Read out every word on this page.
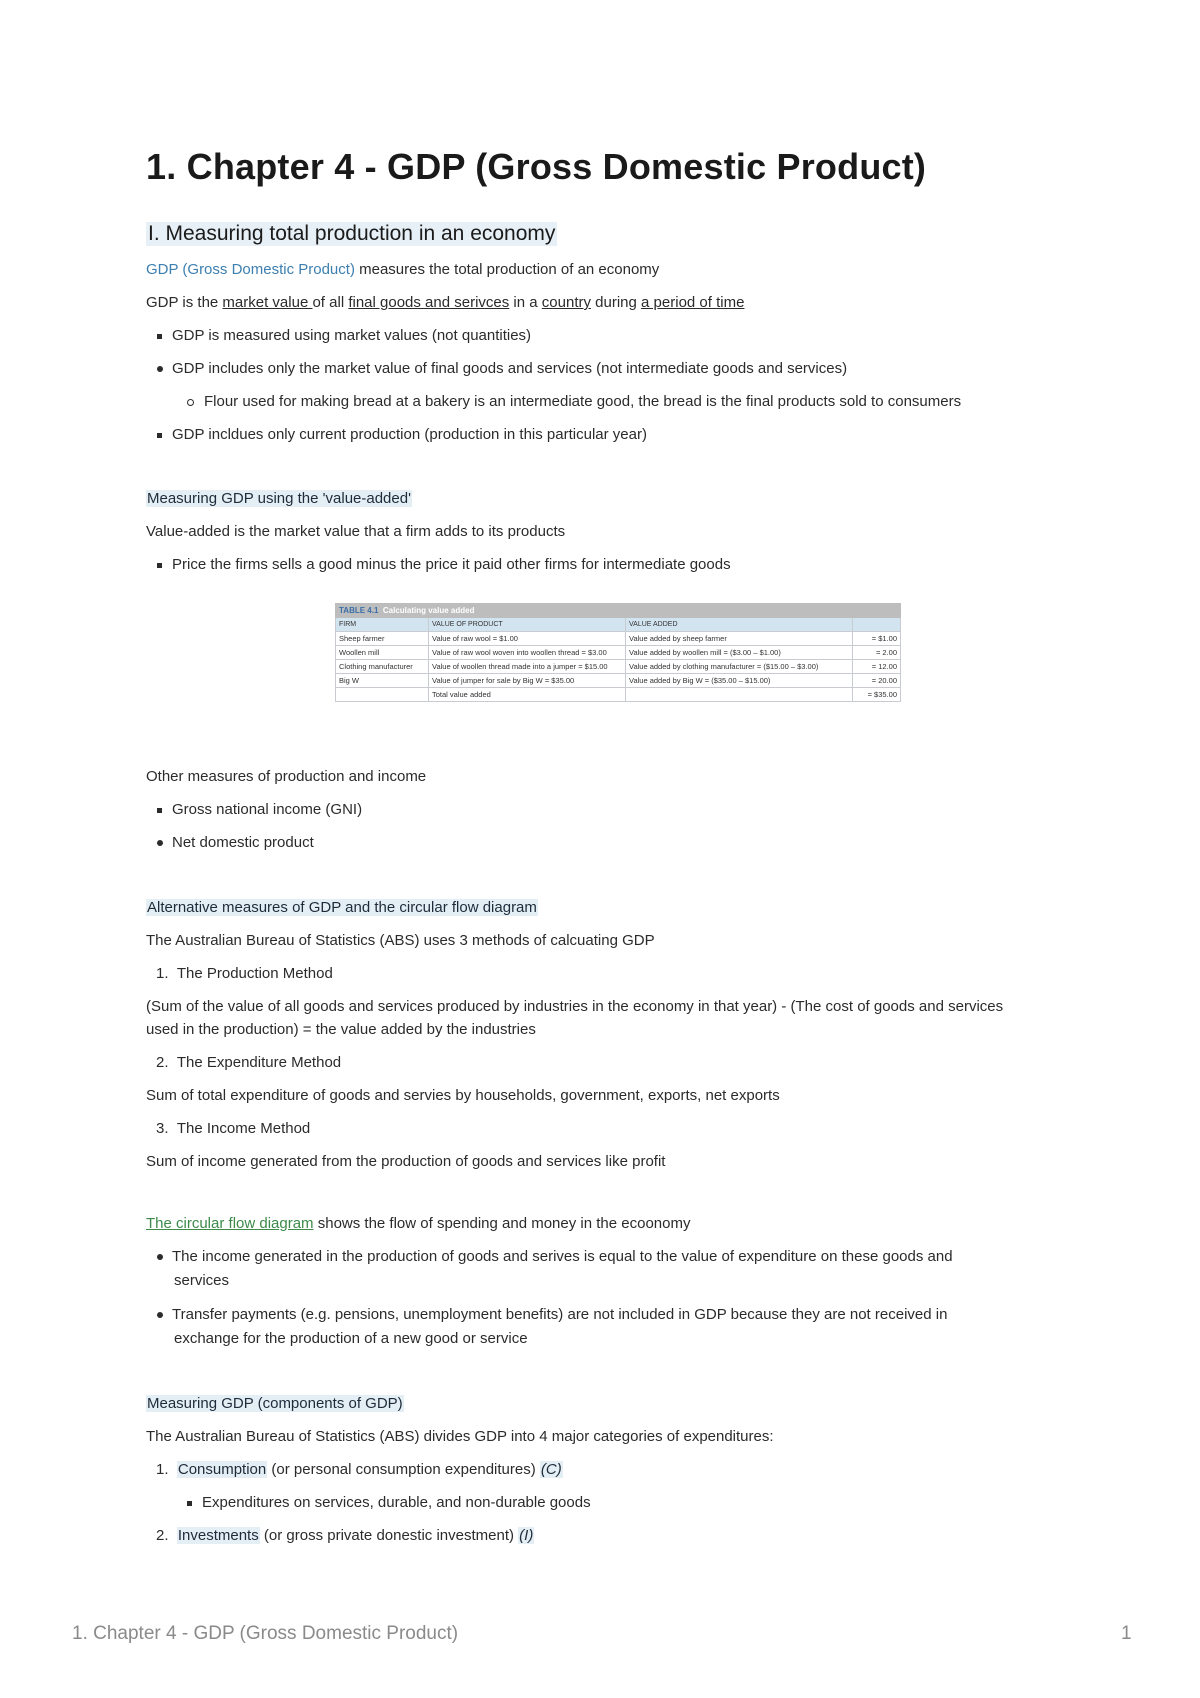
1. Chapter 4 - GDP (Gross Domestic Product)
I. Measuring total production in an economy
GDP (Gross Domestic Product) measures the total production of an economy
GDP is the market value of all final goods and serivces in a country during a period of time
GDP is measured using market values (not quantities)
GDP includes only the market value of final goods and services (not intermediate goods and services)
Flour used for making bread at a bakery is an intermediate good, the bread is the final products sold to consumers
GDP incldues only current production (production in this particular year)
Measuring GDP using the 'value-added'
Value-added is the market value that a firm adds to its products
Price the firms sells a good minus the price it paid other firms for intermediate goods
TABLE 4.1 Calculating value added			
FIRM	VALUE OF PRODUCT	VALUE ADDED	
Sheep farmer	Value of raw wool = $1.00	Value added by sheep farmer	= $1.00
Woollen mill	Value of raw wool woven into woollen thread = $3.00	Value added by woollen mill = ($3.00 – $1.00)	= 2.00
Clothing manufacturer	Value of woollen thread made into a jumper = $15.00	Value added by clothing manufacturer = ($15.00 – $3.00)	= 12.00
Big W	Value of jumper for sale by Big W = $35.00	Value added by Big W = ($35.00 – $15.00)	= 20.00
	Total value added		= $35.00
Other measures of production and income
Gross national income (GNI)
Net domestic product
Alternative measures of GDP and the circular flow diagram
The Australian Bureau of Statistics (ABS) uses 3 methods of calcuating GDP
1. The Production Method
(Sum of the value of all goods and services produced by industries in the economy in that year) - (The cost of goods and services
used in the production) = the value added by the industries
2. The Expenditure Method
Sum of total expenditure of goods and servies by households, government, exports, net exports
3. The Income Method
Sum of income generated from the production of goods and services like profit
The circular flow diagram shows the flow of spending and money in the ecoonomy
The income generated in the production of goods and serives is equal to the value of expenditure on these goods and
services
Transfer payments (e.g. pensions, unemployment benefits) are not included in GDP because they are not received in
exchange for the production of a new good or service
Measuring GDP (components of GDP)
The Australian Bureau of Statistics (ABS) divides GDP into 4 major categories of expenditures:
1. Consumption (or personal consumption expenditures) (C)
Expenditures on services, durable, and non-durable goods
2. Investments (or gross private donestic investment) (I)
1. Chapter 4 - GDP (Gross Domestic Product)	1
